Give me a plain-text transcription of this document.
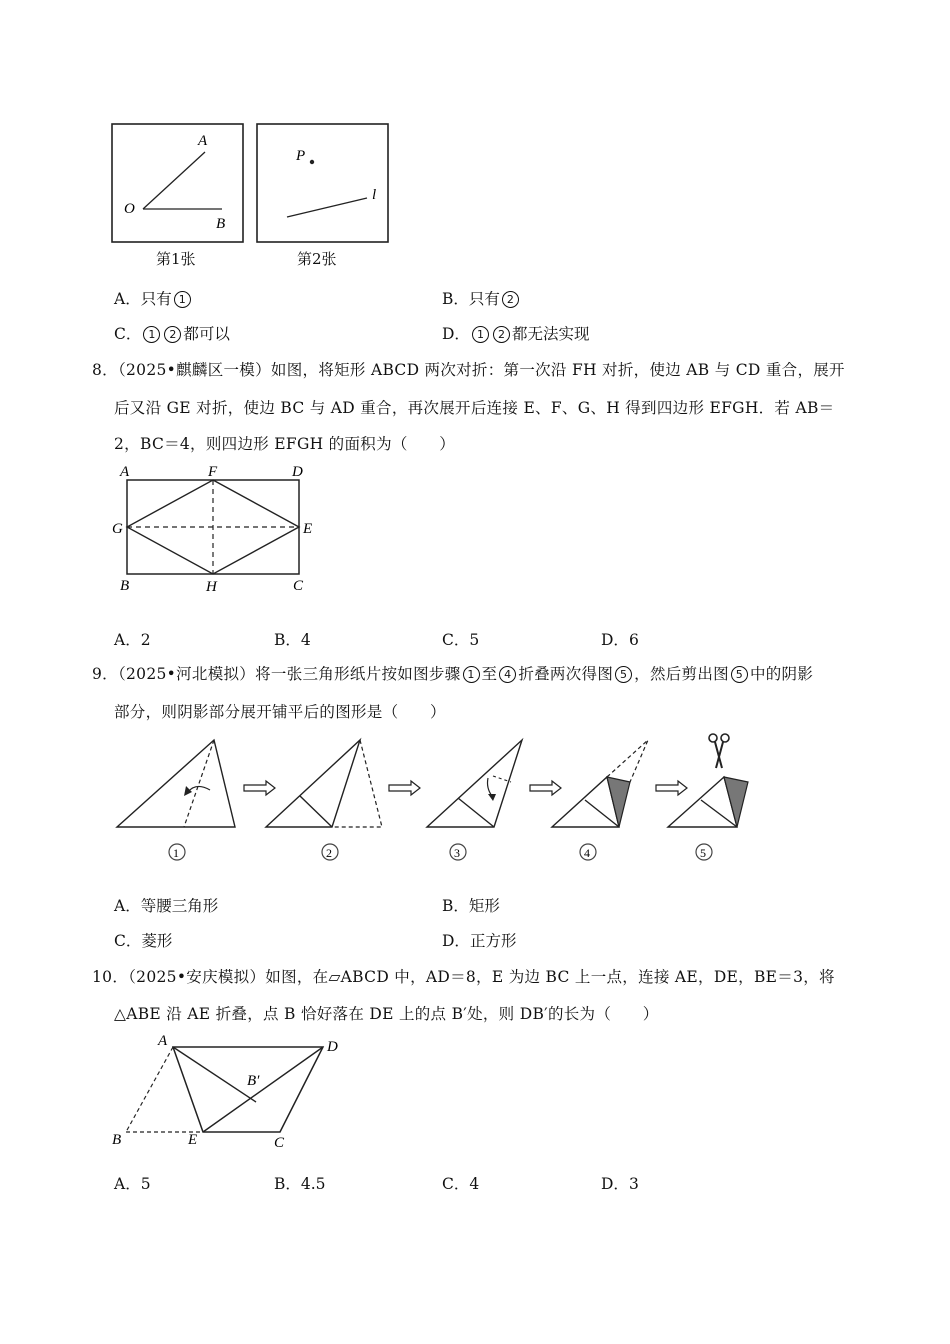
A
O
B
第1张
P
l
第2张
A．只有 1	B．只有 2
C． 1 2 都可以	D． 1 2 都无法实现
8．（2025•麒麟区一模）如图，将矩形 ABCD 两次对折：第一次沿 FH 对折，使边 AB 与 CD 重合，展开
后又沿 GE 对折，使边 BC 与 AD 重合，再次展开后连接 E、F、G、H 得到四边形 EFGH．若 AB＝
2，BC＝4，则四边形 EFGH 的面积为（　　）
A	F	D
G	E
B	H	C
A．2	B．4	C．5	D．6
9．（2025•河北模拟）将一张三角形纸片按如图步骤 1 至 4 折叠两次得图 5 ，然后剪出图 5 中的阴影
部分，则阴影部分展开铺平后的图形是（　　）
1	2	3	4	5
A．等腰三角形	B．矩形
C．菱形	D．正方形
10．（2025•安庆模拟）如图，在▱ABCD 中，AD＝8，E 为边 BC 上一点，连接 AE，DE，BE＝3，将
△ABE 沿 AE 折叠，点 B 恰好落在 DE 上的点 B′处，则 DB′的长为（　　）
A	D
B′
B	E	C
A．5	B．4.5	C．4	D．3
